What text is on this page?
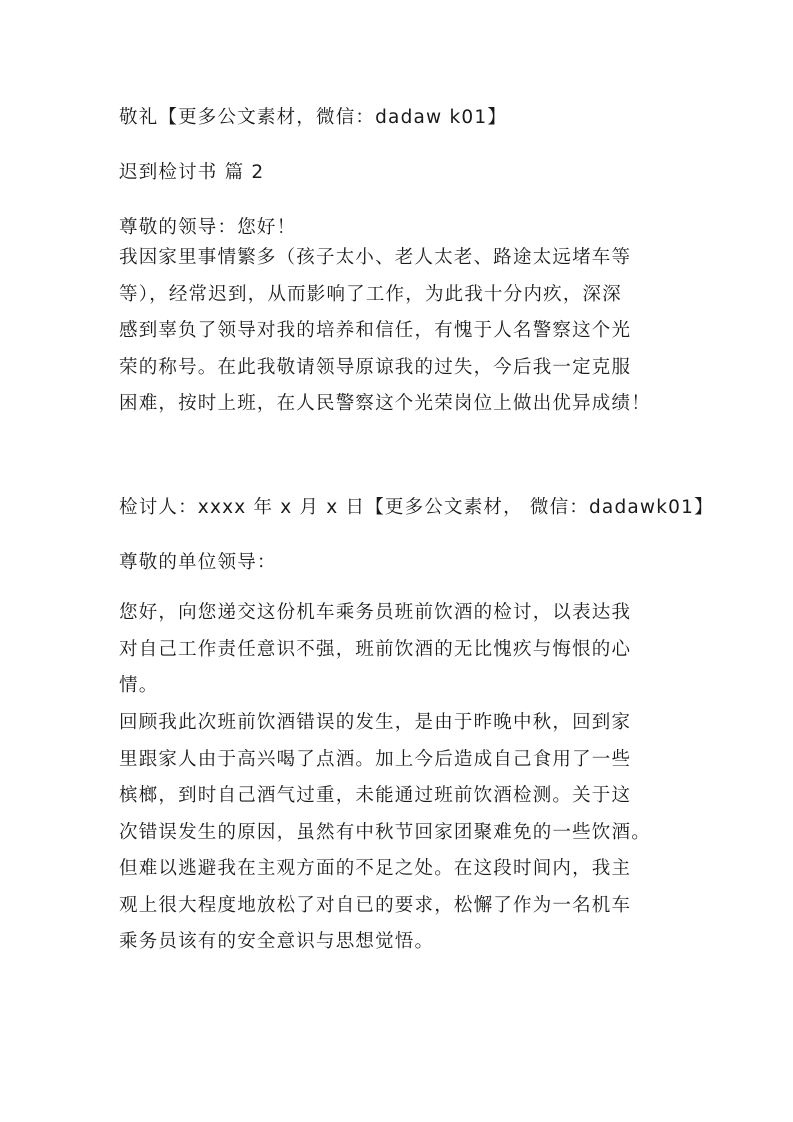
敬礼【更多公文素材，微信：dadaw k01】

迟到检讨书 篇 2

尊敬的领导：您好！

我因家里事情繁多（孩子太小、老人太老、路途太远堵车等
等），经常迟到，从而影响了工作，为此我十分内疚，深深
感到辜负了领导对我的培养和信任，有愧于人名警察这个光
荣的称号。在此我敬请领导原谅我的过失，今后我一定克服
困难，按时上班，在人民警察这个光荣岗位上做出优异成绩！

检讨人：xxxx 年 x 月 x 日【更多公文素材， 微信：dadawk01】

尊敬的单位领导：

您好，向您递交这份机车乘务员班前饮酒的检讨，以表达我
对自己工作责任意识不强，班前饮酒的无比愧疚与悔恨的心
情。
回顾我此次班前饮酒错误的发生，是由于昨晚中秋，回到家
里跟家人由于高兴喝了点酒。加上今后造成自己食用了一些
槟榔，到时自己酒气过重，未能通过班前饮酒检测。关于这
次错误发生的原因，虽然有中秋节回家团聚难免的一些饮酒。
但难以逃避我在主观方面的不足之处。在这段时间内，我主
观上很大程度地放松了对自已的要求，松懈了作为一名机车
乘务员该有的安全意识与思想觉悟。
